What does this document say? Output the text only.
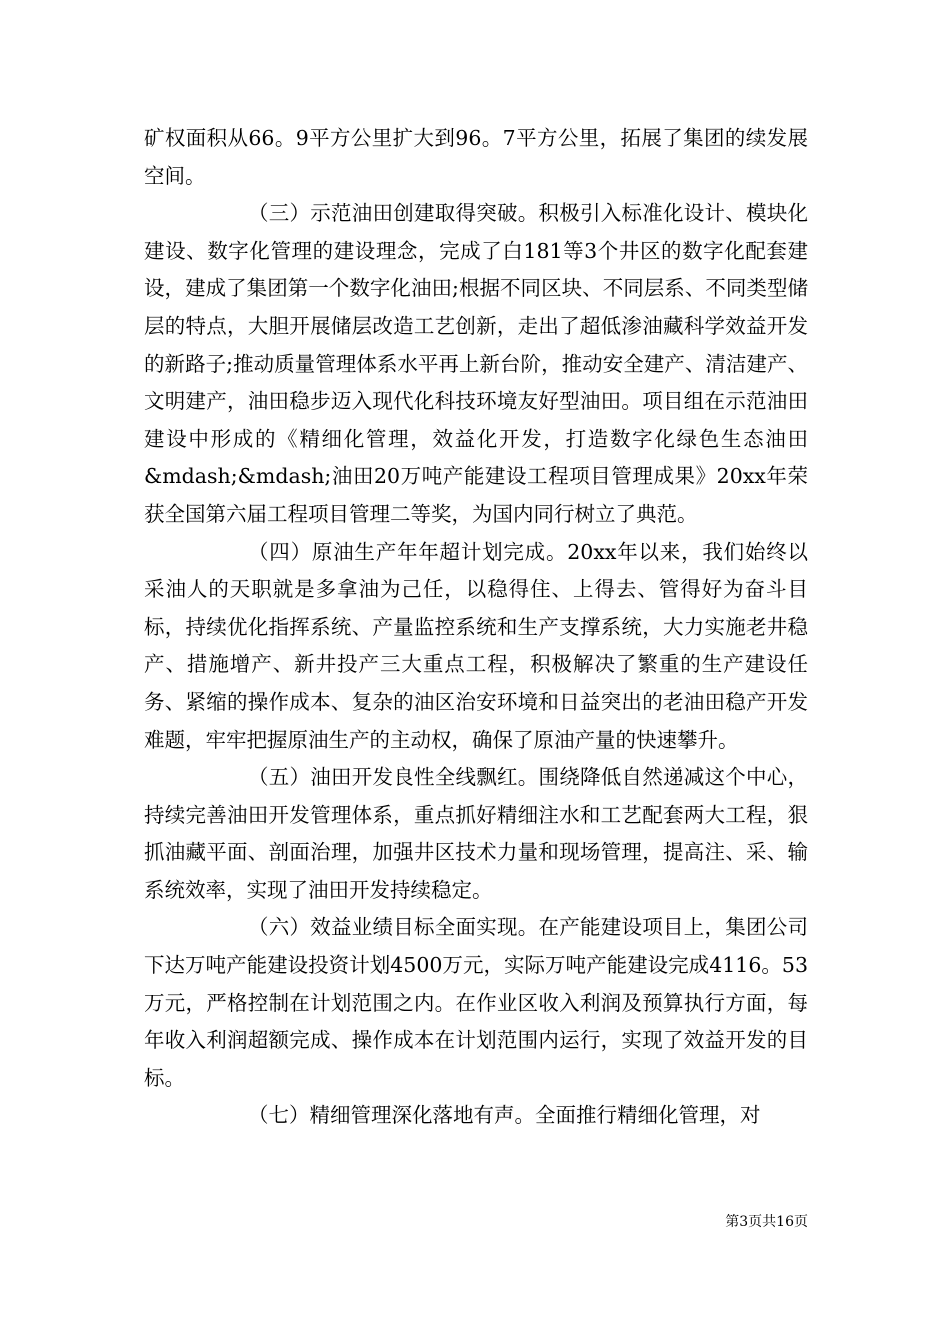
矿权面积从66。9平方公里扩大到96。7平方公里，拓展了集团的续发展空间。

（三）示范油田创建取得突破。积极引入标准化设计、模块化建设、数字化管理的建设理念，完成了白181等3个井区的数字化配套建设，建成了集团第一个数字化油田;根据不同区块、不同层系、不同类型储层的特点，大胆开展储层改造工艺创新，走出了超低渗油藏科学效益开发的新路子;推动质量管理体系水平再上新台阶，推动安全建产、清洁建产、文明建产，油田稳步迈入现代化科技环境友好型油田。项目组在示范油田建设中形成的《精细化管理，效益化开发，打造数字化绿色生态油田&mdash;&mdash;油田20万吨产能建设工程项目管理成果》20xx年荣获全国第六届工程项目管理二等奖，为国内同行树立了典范。

（四）原油生产年年超计划完成。20xx年以来，我们始终以采油人的天职就是多拿油为己任，以稳得住、上得去、管得好为奋斗目标，持续优化指挥系统、产量监控系统和生产支撑系统，大力实施老井稳产、措施增产、新井投产三大重点工程，积极解决了繁重的生产建设任务、紧缩的操作成本、复杂的油区治安环境和日益突出的老油田稳产开发难题，牢牢把握原油生产的主动权，确保了原油产量的快速攀升。

（五）油田开发良性全线飘红。围绕降低自然递减这个中心，持续完善油田开发管理体系，重点抓好精细注水和工艺配套两大工程，狠抓油藏平面、剖面治理，加强井区技术力量和现场管理，提高注、采、输系统效率，实现了油田开发持续稳定。

（六）效益业绩目标全面实现。在产能建设项目上，集团公司下达万吨产能建设投资计划4500万元，实际万吨产能建设完成4116。53万元，严格控制在计划范围之内。在作业区收入利润及预算执行方面，每年收入利润超额完成、操作成本在计划范围内运行，实现了效益开发的目标。

（七）精细管理深化落地有声。全面推行精细化管理，对

第3页共16页
